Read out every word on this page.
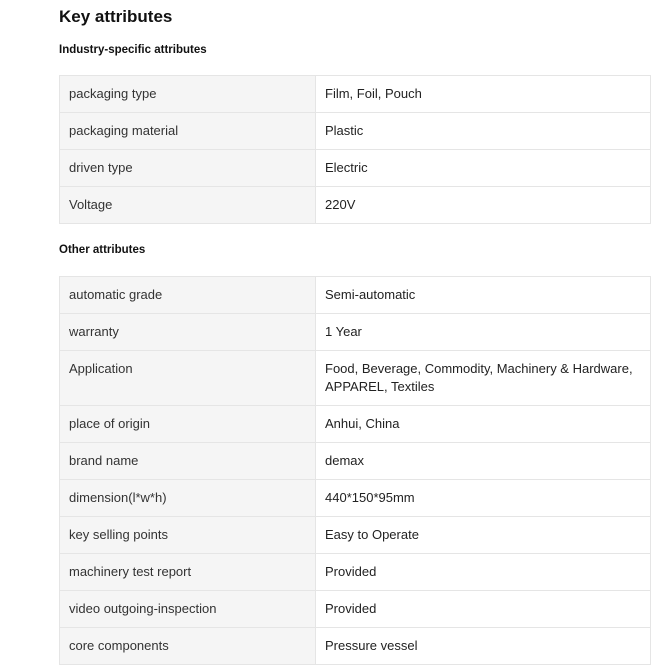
Key attributes
Industry-specific attributes
packaging type	Film, Foil, Pouch
packaging material	Plastic
driven type	Electric
Voltage	220V
Other attributes
automatic grade	Semi-automatic
warranty	1 Year
Application	Food, Beverage, Commodity, Machinery & Hardware, APPAREL, Textiles
place of origin	Anhui, China
brand name	demax
dimension(l*w*h)	440*150*95mm
key selling points	Easy to Operate
machinery test report	Provided
video outgoing-inspection	Provided
core components	Pressure vessel
